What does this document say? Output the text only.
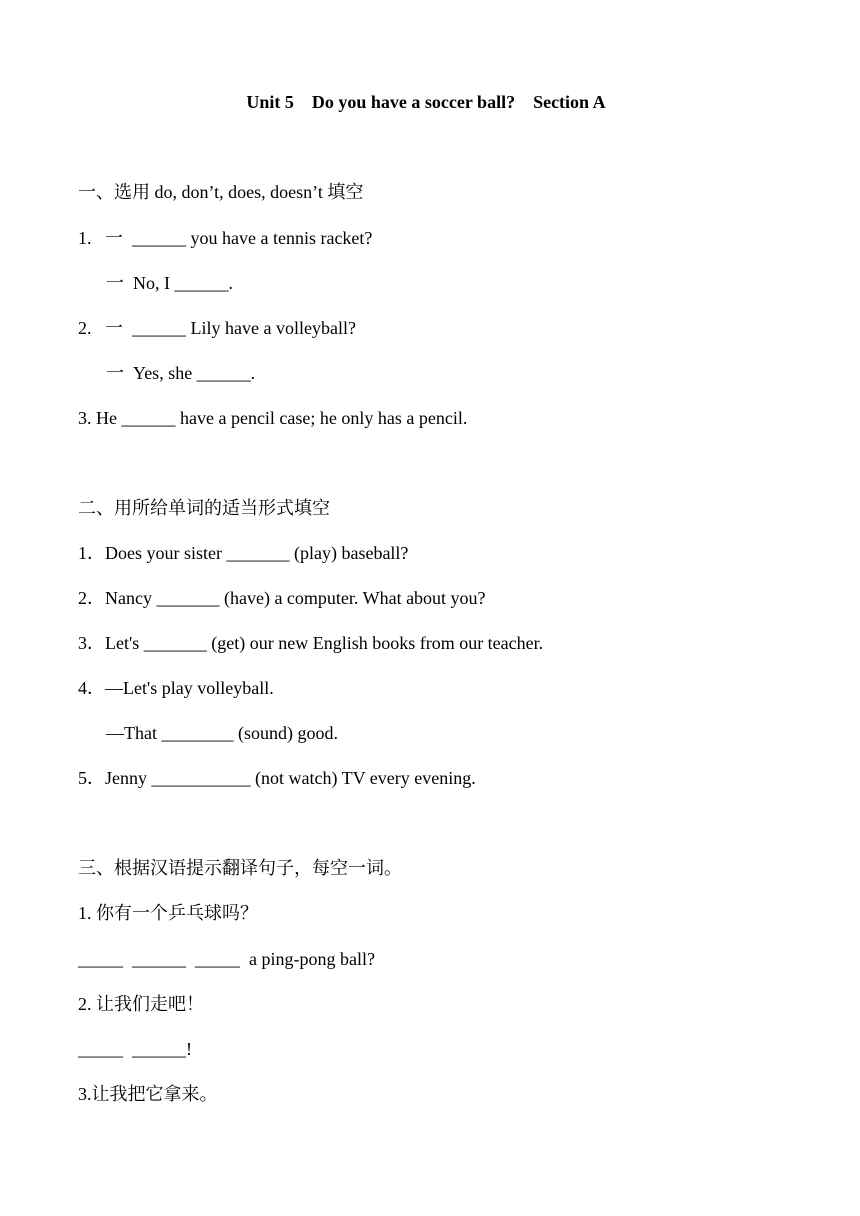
Unit 5    Do you have a soccer ball?    Section A
一、选用 do, don’t, does, doesn’t 填空
1.   一  ______ you have a tennis racket?
一  No, I ______.
2.   一  ______ Lily have a volleyball?
一  Yes, she ______.
3. He ______ have a pencil case; he only has a pencil.
二、用所给单词的适当形式填空
1．Does your sister _______ (play) baseball?
2．Nancy _______ (have) a computer. What about you?
3．Let's _______ (get) our new English books from our teacher.
4．—Let's play volleyball.
—That ________ (sound) good.
5．Jenny ___________ (not watch) TV every evening.
三、根据汉语提示翻译句子，每空一词。
1. 你有一个乒乓球吗？
_____  ______  _____  a ping-pong ball?
2. 让我们走吧！
_____  ______!
3.让我把它拿来。
